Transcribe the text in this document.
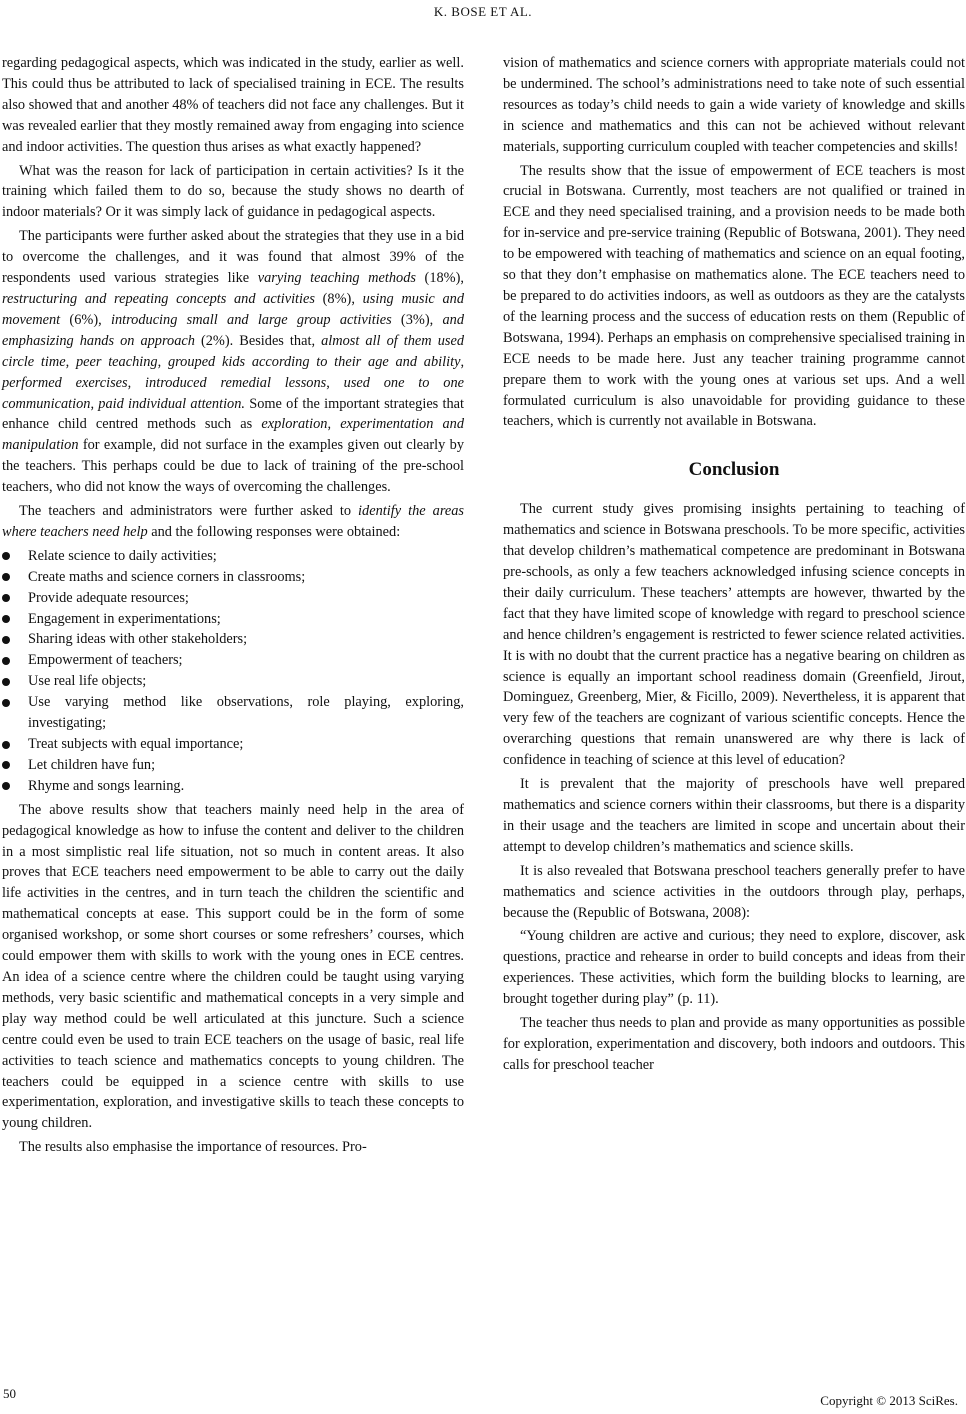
K. BOSE ET AL.

regarding pedagogical aspects, which was indicated in the study, earlier as well. This could thus be attributed to lack of specialised training in ECE. The results also showed that and another 48% of teachers did not face any challenges. But it was revealed earlier that they mostly remained away from engaging into science and indoor activities. The question thus arises as what exactly happened?

What was the reason for lack of participation in certain activities? Is it the training which failed them to do so, because the study shows no dearth of indoor materials? Or it was simply lack of guidance in pedagogical aspects.

The participants were further asked about the strategies that they use in a bid to overcome the challenges, and it was found that almost 39% of the respondents used various strategies like varying teaching methods (18%), restructuring and repeating concepts and activities (8%), using music and movement (6%), introducing small and large group activities (3%), and emphasizing hands on approach (2%). Besides that, almost all of them used circle time, peer teaching, grouped kids according to their age and ability, performed exercises, introduced remedial lessons, used one to one communication, paid individual attention. Some of the important strategies that enhance child centred methods such as exploration, experimentation and manipulation for example, did not surface in the examples given out clearly by the teachers. This perhaps could be due to lack of training of the pre-school teachers, who did not know the ways of overcoming the challenges.

The teachers and administrators were further asked to identify the areas where teachers need help and the following responses were obtained:

Relate science to daily activities;
Create maths and science corners in classrooms;
Provide adequate resources;
Engagement in experimentations;
Sharing ideas with other stakeholders;
Empowerment of teachers;
Use real life objects;
Use varying method like observations, role playing, exploring, investigating;
Treat subjects with equal importance;
Let children have fun;
Rhyme and songs learning.

The above results show that teachers mainly need help in the area of pedagogical knowledge as how to infuse the content and deliver to the children in a most simplistic real life situation, not so much in content areas. It also proves that ECE teachers need empowerment to be able to carry out the daily life activities in the centres, and in turn teach the children the scientific and mathematical concepts at ease. This support could be in the form of some organised workshop, or some short courses or some refreshers’ courses, which could empower them with skills to work with the young ones in ECE centres. An idea of a science centre where the children could be taught using varying methods, very basic scientific and mathematical concepts in a very simple and play way method could be well articulated at this juncture. Such a science centre could even be used to train ECE teachers on the usage of basic, real life activities to teach science and mathematics concepts to young children. The teachers could be equipped in a science centre with skills to use experimentation, exploration, and investigative skills to teach these concepts to young children.

The results also emphasise the importance of resources. Pro-

vision of mathematics and science corners with appropriate materials could not be undermined. The school’s administrations need to take note of such essential resources as today’s child needs to gain a wide variety of knowledge and skills in science and mathematics and this can not be achieved without relevant materials, supporting curriculum coupled with teacher competencies and skills!

The results show that the issue of empowerment of ECE teachers is most crucial in Botswana. Currently, most teachers are not qualified or trained in ECE and they need specialised training, and a provision needs to be made both for in-service and pre-service training (Republic of Botswana, 2001). They need to be empowered with teaching of mathematics and science on an equal footing, so that they don’t emphasise on mathematics alone. The ECE teachers need to be prepared to do activities indoors, as well as outdoors as they are the catalysts of the learning process and the success of education rests on them (Republic of Botswana, 1994). Perhaps an emphasis on comprehensive specialised training in ECE needs to be made here. Just any teacher training programme cannot prepare them to work with the young ones at various set ups. And a well formulated curriculum is also unavoidable for providing guidance to these teachers, which is currently not available in Botswana.

Conclusion

The current study gives promising insights pertaining to teaching of mathematics and science in Botswana preschools. To be more specific, activities that develop children’s mathematical competence are predominant in Botswana pre-schools, as only a few teachers acknowledged infusing science concepts in their daily curriculum. These teachers’ attempts are however, thwarted by the fact that they have limited scope of knowledge with regard to preschool science and hence children’s engagement is restricted to fewer science related activities. It is with no doubt that the current practice has a negative bearing on children as science is equally an important school readiness domain (Greenfield, Jirout, Dominguez, Greenberg, Mier, & Ficillo, 2009). Nevertheless, it is apparent that very few of the teachers are cognizant of various scientific concepts. Hence the overarching questions that remain unanswered are why there is lack of confidence in teaching of science at this level of education?

It is prevalent that the majority of preschools have well prepared mathematics and science corners within their classrooms, but there is a disparity in their usage and the teachers are limited in scope and uncertain about their attempt to develop children’s mathematics and science skills.

It is also revealed that Botswana preschool teachers generally prefer to have mathematics and science activities in the outdoors through play, perhaps, because the (Republic of Botswana, 2008):

“Young children are active and curious; they need to explore, discover, ask questions, practice and rehearse in order to build concepts and ideas from their experiences. These activities, which form the building blocks to learning, are brought together during play” (p. 11).

The teacher thus needs to plan and provide as many opportunities as possible for exploration, experimentation and discovery, both indoors and outdoors. This calls for preschool teacher

50	Copyright © 2013 SciRes.
